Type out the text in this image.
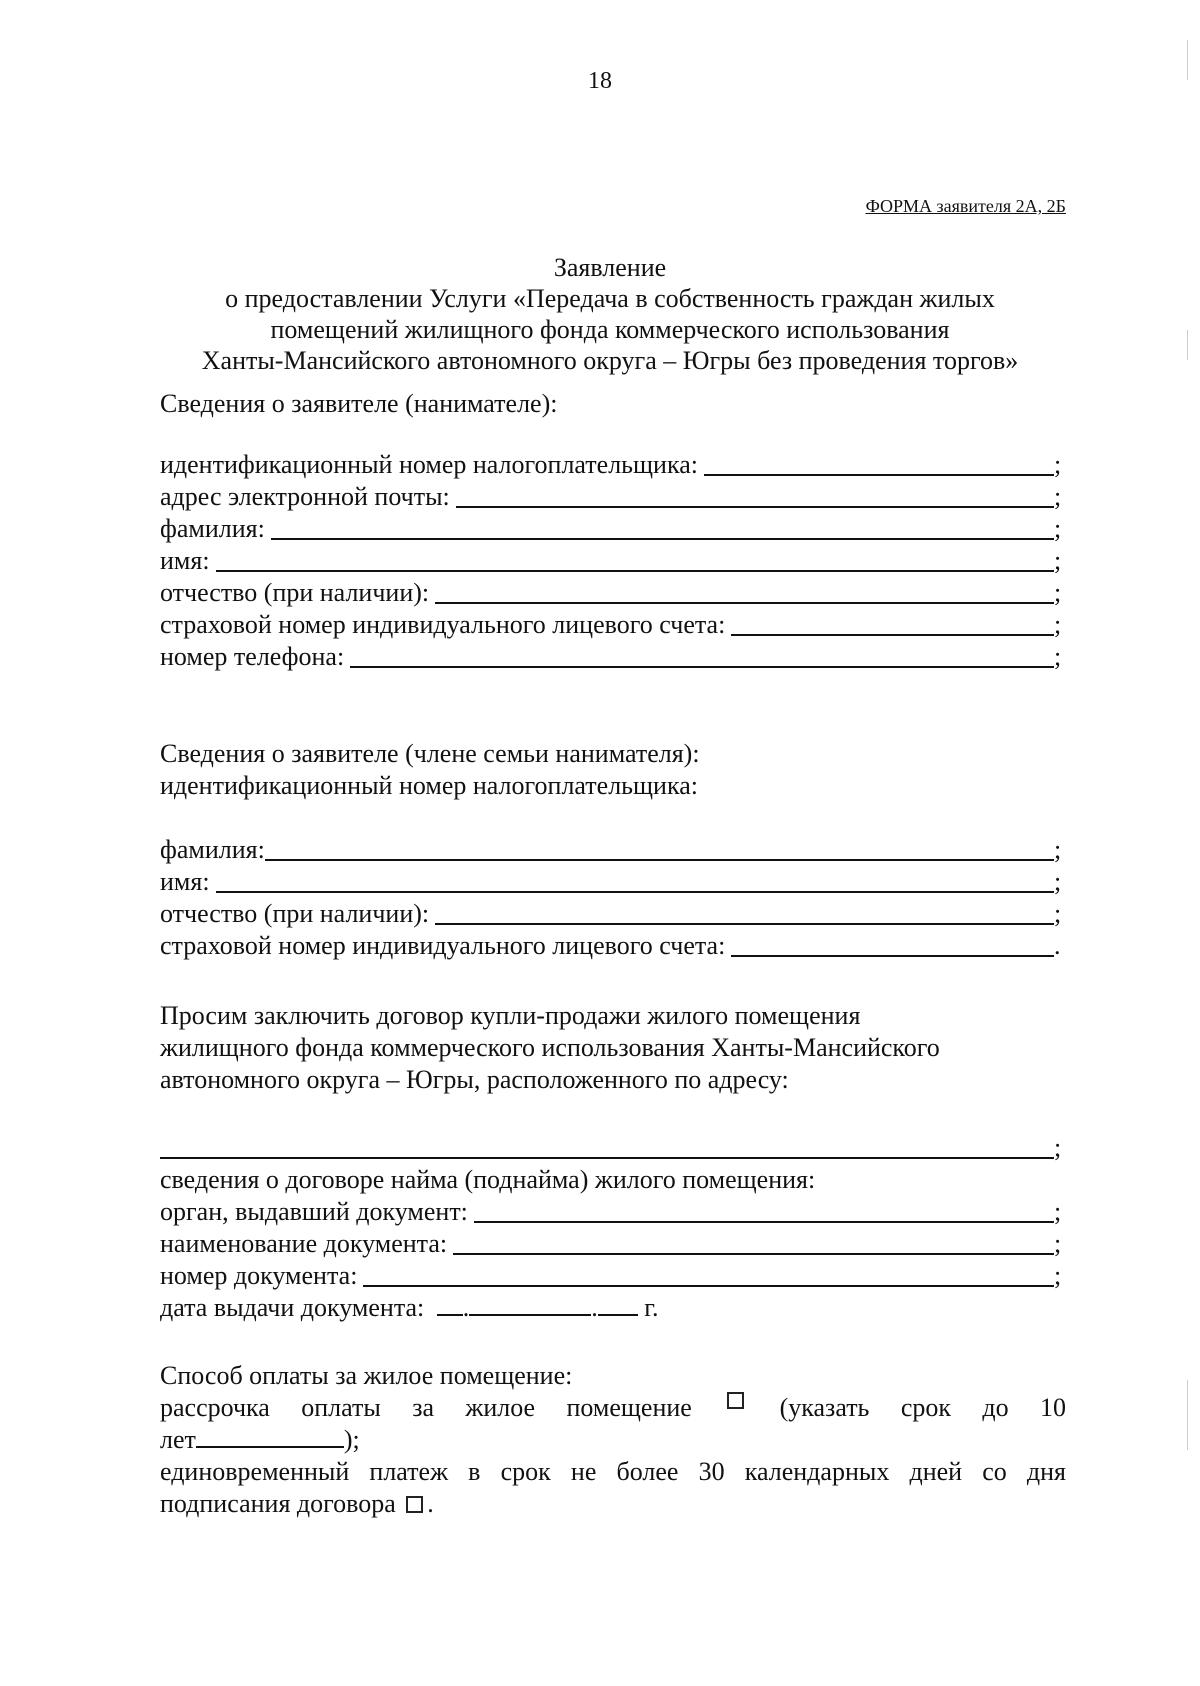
18
ФОРМА заявителя 2А, 2Б
Заявление
о предоставлении Услуги «Передача в собственность граждан жилых
помещений жилищного фонда коммерческого использования
Ханты-Мансийского автономного округа – Югры без проведения торгов»
Сведения о заявителе (нанимателе):
идентификационный номер налогоплательщика:	;
адрес электронной почты:	;
фамилия:	;
имя:	;
отчество (при наличии):	;
страховой номер индивидуального лицевого счета:	;
номер телефона:	;
Сведения о заявителе (члене семьи нанимателя):
идентификационный номер налогоплательщика:
фамилия:	;
имя:	;
отчество (при наличии):	;
страховой номер индивидуального лицевого счета:	.
Просим заключить договор купли-продажи жилого помещения
жилищного фонда коммерческого использования Ханты-Мансийского
автономного округа – Югры, расположенного по адресу:
;
сведения о договоре найма (поднайма) жилого помещения:
орган, выдавший документ:	;
наименование документа:	;
номер документа:	;
дата выдачи документа: .	. г.
Способ оплаты за жилое помещение:
рассрочка оплаты за жилое помещение	(указать срок до 10
лет	);
единовременный платеж в срок не более 30 календарных дней со дня
подписания договора .
